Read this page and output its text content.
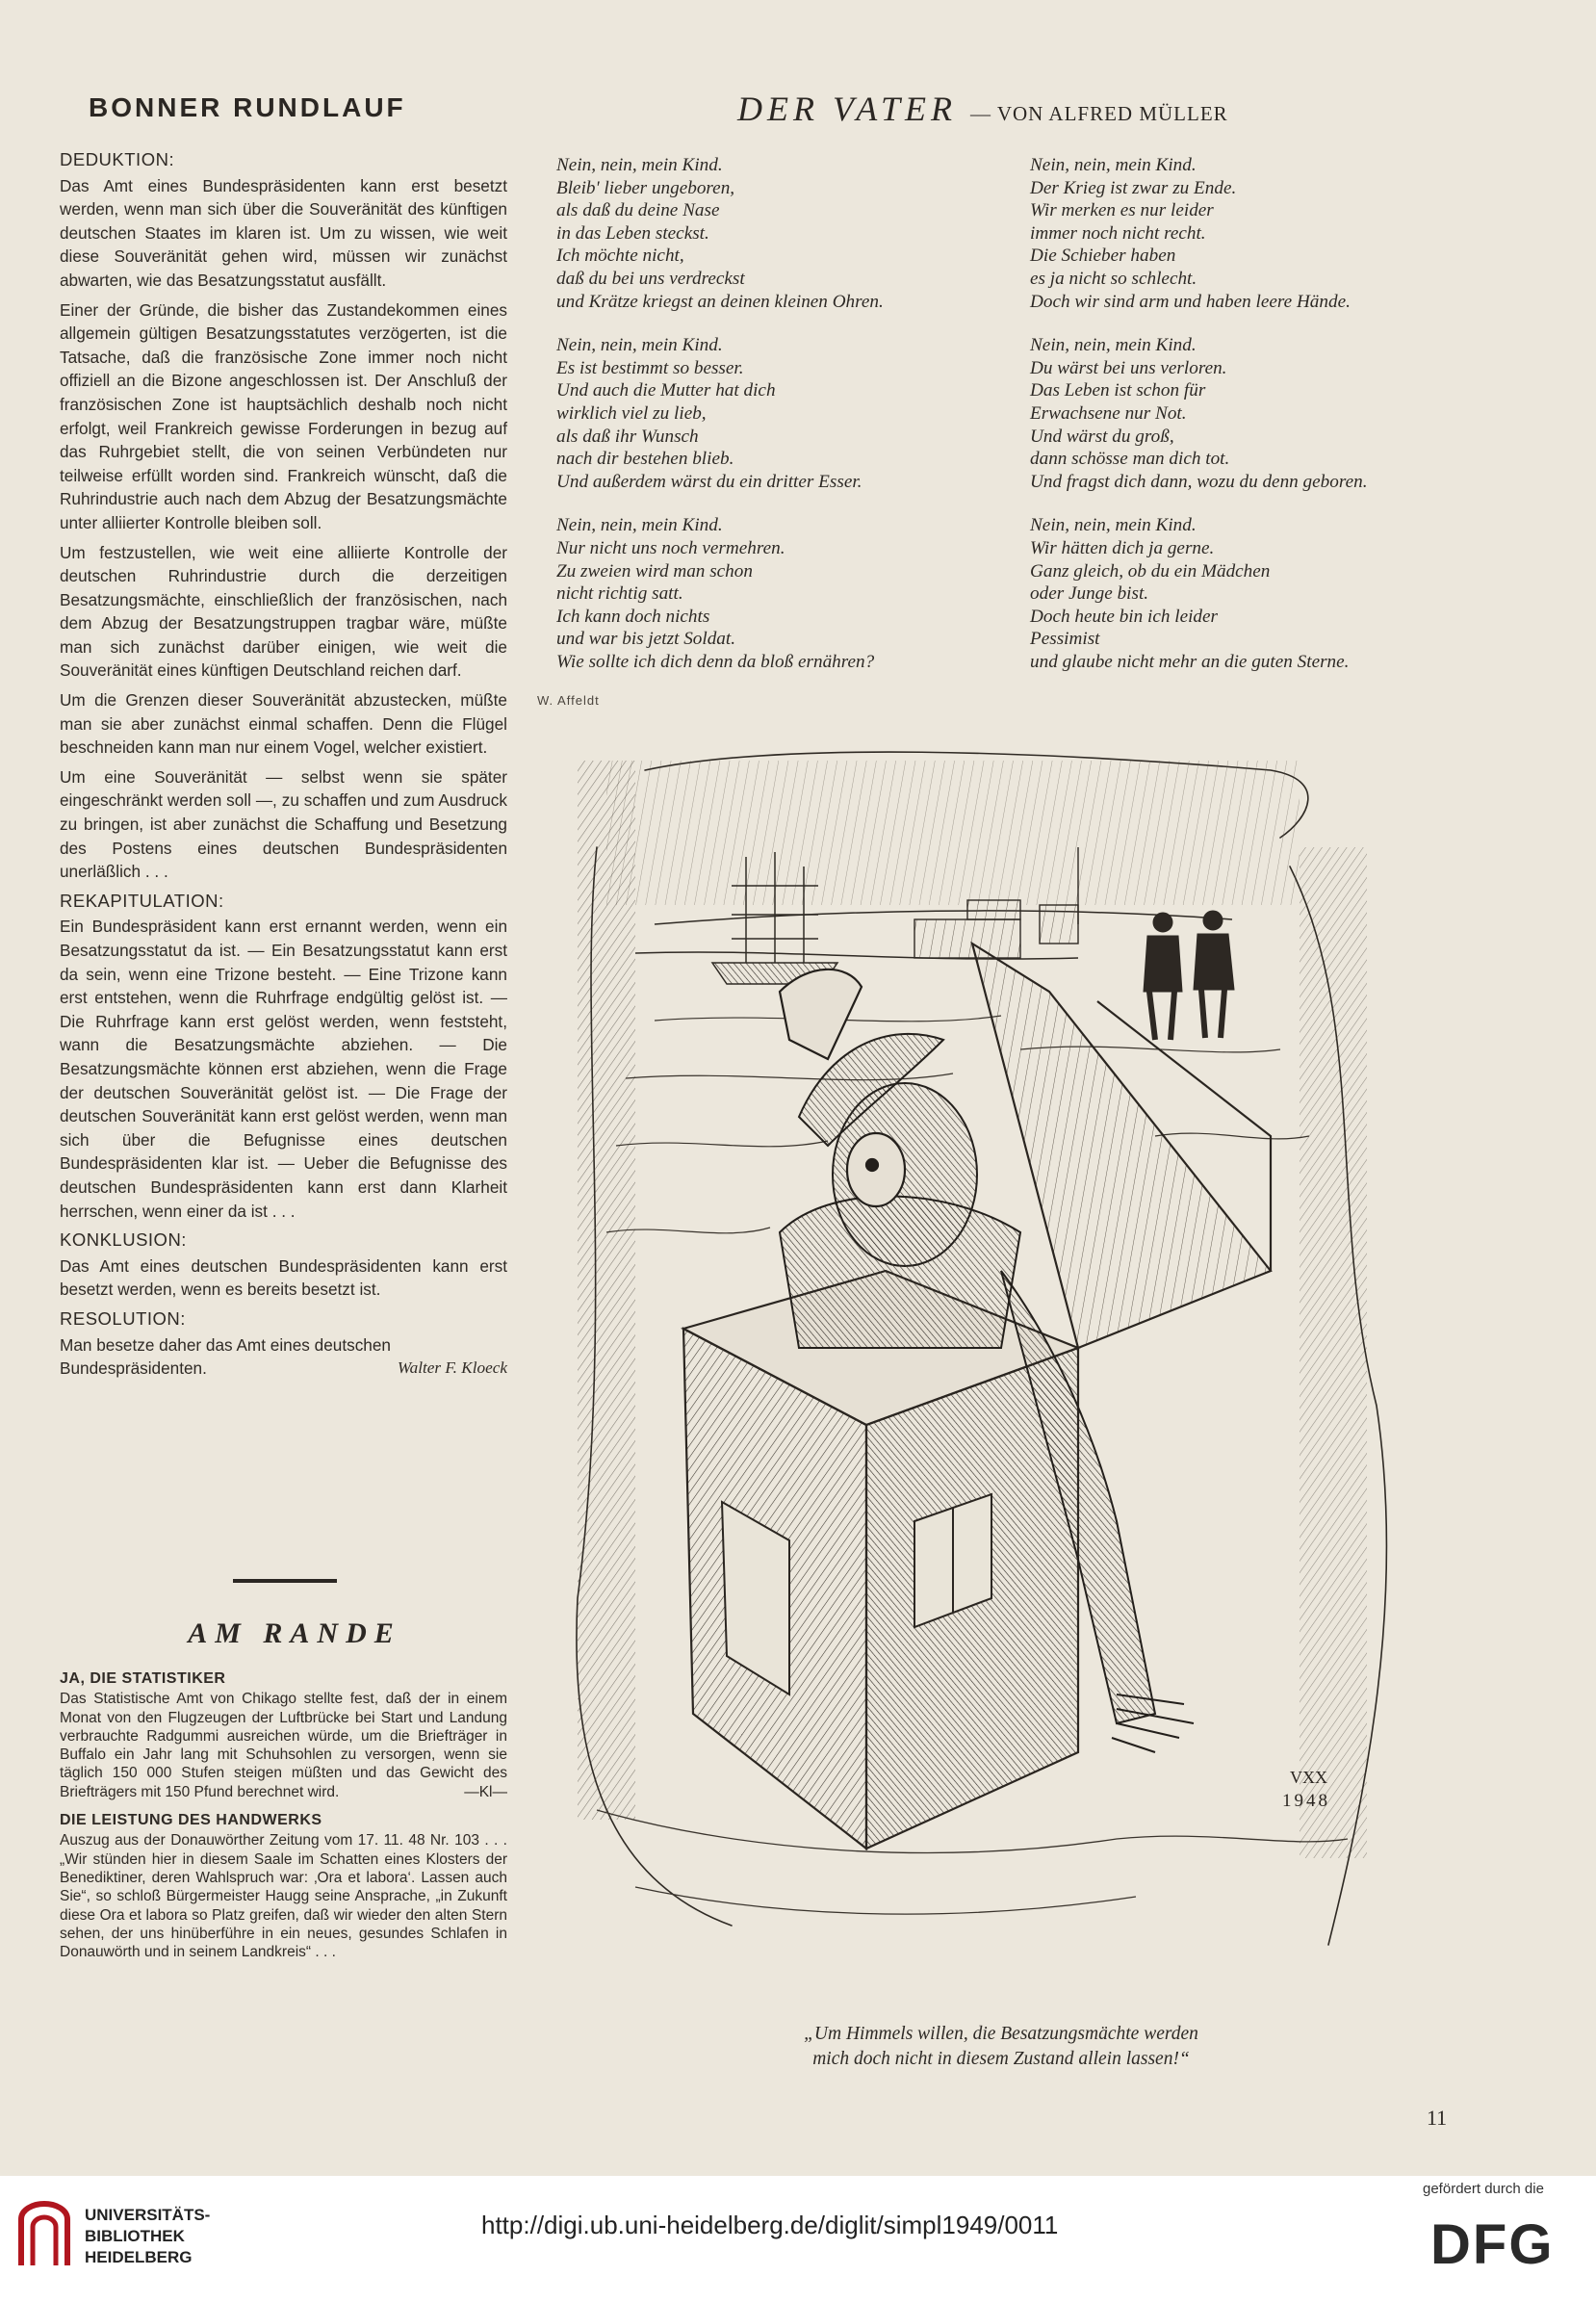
BONNER RUNDLAUF	DER VATER — VON ALFRED MÜLLER
DEDUKTION:

Das Amt eines Bundespräsidenten kann erst besetzt werden, wenn man sich über die Souveränität des künftigen deutschen Staates im klaren ist. Um zu wissen, wie weit diese Souveränität gehen wird, müssen wir zunächst abwarten, wie das Besatzungsstatut ausfällt.

Einer der Gründe, die bisher das Zustandekommen eines allgemein gültigen Besatzungsstatutes verzögerten, ist die Tatsache, daß die französische Zone immer noch nicht offiziell an die Bizone angeschlossen ist. Der Anschluß der französischen Zone ist hauptsächlich deshalb noch nicht erfolgt, weil Frankreich gewisse Forderungen in bezug auf das Ruhrgebiet stellt, die von seinen Verbündeten nur teilweise erfüllt worden sind. Frankreich wünscht, daß die Ruhrindustrie auch nach dem Abzug der Besatzungsmächte unter alliierter Kontrolle bleiben soll.

Um festzustellen, wie weit eine alliierte Kontrolle der deutschen Ruhrindustrie durch die derzeitigen Besatzungsmächte, einschließlich der französischen, nach dem Abzug der Besatzungstruppen tragbar wäre, müßte man sich zunächst darüber einigen, wie weit die Souveränität eines künftigen Deutschland reichen darf.

Um die Grenzen dieser Souveränität abzustecken, müßte man sie aber zunächst einmal schaffen. Denn die Flügel beschneiden kann man nur einem Vogel, welcher existiert.

Um eine Souveränität — selbst wenn sie später eingeschränkt werden soll —, zu schaffen und zum Ausdruck zu bringen, ist aber zunächst die Schaffung und Besetzung des Postens eines deutschen Bundespräsidenten unerläßlich . . .

REKAPITULATION:

Ein Bundespräsident kann erst ernannt werden, wenn ein Besatzungsstatut da ist. — Ein Besatzungsstatut kann erst da sein, wenn eine Trizone besteht. — Eine Trizone kann erst entstehen, wenn die Ruhrfrage endgültig gelöst ist. — Die Ruhrfrage kann erst gelöst werden, wenn feststeht, wann die Besatzungsmächte abziehen. — Die Besatzungsmächte können erst abziehen, wenn die Frage der deutschen Souveränität gelöst ist. — Die Frage der deutschen Souveränität kann erst gelöst werden, wenn man sich über die Befugnisse eines deutschen Bundespräsidenten klar ist. — Ueber die Befugnisse des deutschen Bundespräsidenten kann erst dann Klarheit herrschen, wenn einer da ist . . .

KONKLUSION:

Das Amt eines deutschen Bundespräsidenten kann erst besetzt werden, wenn es bereits besetzt ist.

RESOLUTION:

Man besetze daher das Amt eines deutschen Bundespräsidenten.	Walter F. Kloeck

AM RANDE
JA, DIE STATISTIKER

Das Statistische Amt von Chikago stellte fest, daß der in einem Monat von den Flugzeugen der Luftbrücke bei Start und Landung verbrauchte Radgummi ausreichen würde, um die Briefträger in Buffalo ein Jahr lang mit Schuhsohlen zu versorgen, wenn sie täglich 150 000 Stufen steigen müßten und das Gewicht des Briefträgers mit 150 Pfund berechnet wird.	—Kl—

DIE LEISTUNG DES HANDWERKS

Auszug aus der Donauwörther Zeitung vom 17. 11. 48 Nr. 103 . . . „Wir stünden hier in diesem Saale im Schatten eines Klosters der Benediktiner, deren Wahlspruch war: ‚Ora et labora‘. Lassen auch Sie“, so schloß Bürgermeister Haugg seine Ansprache, „in Zukunft diese Ora et labora so Platz greifen, daß wir wieder den alten Stern sehen, der uns hinüberführe in ein neues, gesundes Schlafen in Donauwörth und in seinem Landkreis“ . . .

Nein, nein, mein Kind.
Bleib' lieber ungeboren,
als daß du deine Nase
in das Leben steckst.
Ich möchte nicht,
daß du bei uns verdreckst
und Krätze kriegst an deinen kleinen Ohren.
Nein, nein, mein Kind.
Es ist bestimmt so besser.
Und auch die Mutter hat dich
wirklich viel zu lieb,
als daß ihr Wunsch
nach dir bestehen blieb.
Und außerdem wärst du ein dritter Esser.
Nein, nein, mein Kind.
Nur nicht uns noch vermehren.
Zu zweien wird man schon
nicht richtig satt.
Ich kann doch nichts
und war bis jetzt Soldat.
Wie sollte ich dich denn da bloß ernähren?
Nein, nein, mein Kind.
Der Krieg ist zwar zu Ende.
Wir merken es nur leider
immer noch nicht recht.
Die Schieber haben
es ja nicht so schlecht.
Doch wir sind arm und haben leere Hände.
Nein, nein, mein Kind.
Du wärst bei uns verloren.
Das Leben ist schon für
Erwachsene nur Not.
Und wärst du groß,
dann schösse man dich tot.
Und fragst dich dann, wozu du denn geboren.
Nein, nein, mein Kind.
Wir hätten dich ja gerne.
Ganz gleich, ob du ein Mädchen
oder Junge bist.
Doch heute bin ich leider
Pessimist
und glaube nicht mehr an die guten Sterne.
W. Affeldt
VXX
1948
„Um Himmels willen, die Besatzungsmächte werden
mich doch nicht in diesem Zustand allein lassen!“
11
UNIVERSITÄTS-
BIBLIOTHEK
HEIDELBERG
http://digi.ub.uni-heidelberg.de/diglit/simpl1949/0011
gefördert durch die
DFG
